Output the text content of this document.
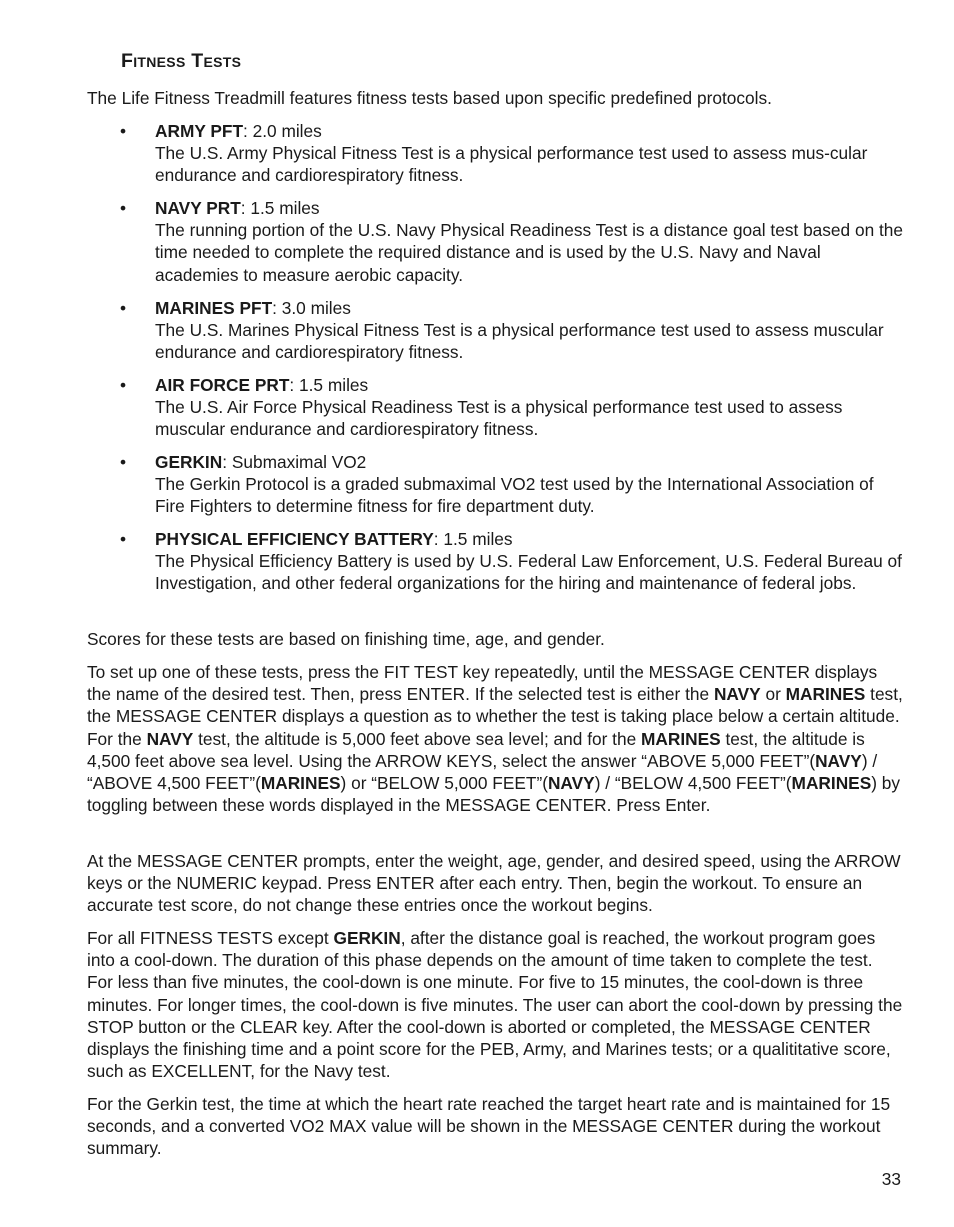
Fitness Tests

The Life Fitness Treadmill features fitness tests based upon specific predefined protocols.

• ARMY PFT: 2.0 miles
The U.S. Army Physical Fitness Test is a physical performance test used to assess mus-cular endurance and cardiorespiratory fitness.
• NAVY PRT: 1.5 miles
The running portion of the U.S. Navy Physical Readiness Test is a distance goal test based on the time needed to complete the required distance and is used by the U.S. Navy and Naval academies to measure aerobic capacity.
• MARINES PFT: 3.0 miles
The U.S. Marines Physical Fitness Test is a physical performance test used to assess muscular endurance and cardiorespiratory fitness.
• AIR FORCE PRT: 1.5 miles
The U.S. Air Force Physical Readiness Test is a physical performance test used to assess muscular endurance and cardiorespiratory fitness.
• GERKIN: Submaximal VO2
The Gerkin Protocol is a graded submaximal VO2 test used by the International Association of Fire Fighters to determine fitness for fire department duty.
• PHYSICAL EFFICIENCY BATTERY: 1.5 miles
The Physical Efficiency Battery is used by U.S. Federal Law Enforcement, U.S. Federal Bureau of Investigation, and other federal organizations for the hiring and maintenance of federal jobs.

Scores for these tests are based on finishing time, age, and gender.

To set up one of these tests, press the FIT TEST key repeatedly, until the MESSAGE CENTER displays the name of the desired test. Then, press ENTER. If the selected test is either the NAVY or MARINES test, the MESSAGE CENTER displays a question as to whether the test is taking place below a certain altitude. For the NAVY test, the altitude is 5,000 feet above sea level; and for the MARINES test, the altitude is 4,500 feet above sea level. Using the ARROW KEYS, select the answer “ABOVE 5,000 FEET”(NAVY) / “ABOVE 4,500 FEET”(MARINES) or “BELOW 5,000 FEET”(NAVY) / “BELOW 4,500 FEET”(MARINES) by toggling between these words displayed in the MESSAGE CENTER. Press Enter.

At the MESSAGE CENTER prompts, enter the weight, age, gender, and desired speed, using the ARROW keys or the NUMERIC keypad. Press ENTER after each entry. Then, begin the workout. To ensure an accurate test score, do not change these entries once the workout begins.

For all FITNESS TESTS except GERKIN, after the distance goal is reached, the workout program goes into a cool-down. The duration of this phase depends on the amount of time taken to complete the test. For less than five minutes, the cool-down is one minute. For five to 15 minutes, the cool-down is three minutes. For longer times, the cool-down is five minutes. The user can abort the cool-down by pressing the STOP button or the CLEAR key. After the cool-down is aborted or completed, the MESSAGE CENTER displays the finishing time and a point score for the PEB, Army, and Marines tests; or a qualititative score, such as EXCELLENT, for the Navy test.

For the Gerkin test, the time at which the heart rate reached the target heart rate and is maintained for 15 seconds, and a converted VO2 MAX value will be shown in the MESSAGE CENTER during the workout summary.

33
